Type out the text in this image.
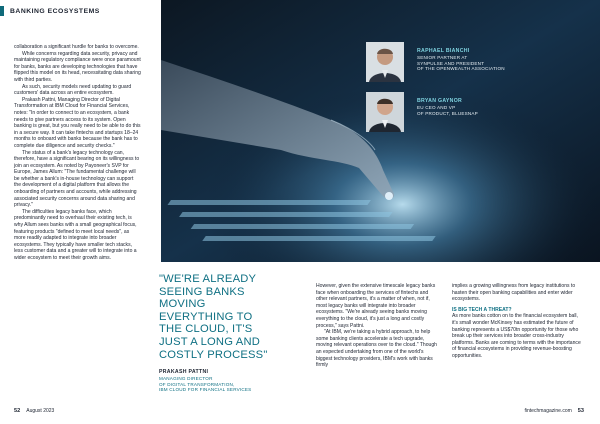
BANKING ECOSYSTEMS

collaboration a significant hurdle for banks to overcome.

While concerns regarding data security, privacy and maintaining regulatory compliance were once paramount for banks, banks are developing technologies that have flipped this model on its head, necessitating data sharing with third parties.

As such, security models need updating to guard customers' data across an entire ecosystem.

Prakash Pattni, Managing Director of Digital Transformation at IBM Cloud for Financial Services, notes: "In order to connect to an ecosystem, a bank needs to give partners access to its system. Open banking is great, but you really need to be able to do this in a secure way. It can take fintechs and startups 18–24 months to onboard with banks because the bank has to complete due diligence and security checks."

The status of a bank's legacy technology can, therefore, have a significant bearing on its willingness to join an ecosystem. As noted by Payoneer's SVP for Europe, James Allum: "The fundamental challenge will be whether a bank's in-house technology can support the development of a digital platform that allows the onboarding of partners and accounts, while addressing associated security concerns around data sharing and privacy."

The difficulties legacy banks face, which predominantly need to overhaul their existing tech, is why Allum sees banks with a small geographical focus, featuring products "defined to meet local needs", as more readily adapted to integrate into broader ecosystems. They typically have smaller tech stacks, less customer data and a greater will to integrate into a wider ecosystem to meet their growth aims.

RAPHAEL BIANCHI
SENIOR PARTNER AT
SYNPULSE AND PRESIDENT
OF THE OPENWEALTH ASSOCIATION
BRYAN GAYNOR
EU CEO AND VP
OF PRODUCT, BLUESNAP
"WE'RE ALREADY SEEING BANKS MOVING EVERYTHING TO THE CLOUD, IT'S JUST A LONG AND COSTLY PROCESS"
PRAKASH PATTNI
MANAGING DIRECTOR
OF DIGITAL TRANSFORMATION,
IBM CLOUD FOR FINANCIAL SERVICES

However, given the extensive timescale legacy banks face when onboarding the services of fintechs and other relevant partners, it's a matter of when, not if, most legacy banks will integrate into broader ecosystems. "We're already seeing banks moving everything to the cloud, it's just a long and costly process," says Pattni.

"At IBM, we're taking a hybrid approach, to help some banking clients accelerate a tech upgrade, moving relevant operations over to the cloud." Though an expected undertaking from one of the world's biggest technology providers, IBM's work with banks firmly

implies a growing willingness from legacy institutions to hasten their open banking capabilities and enter wider ecosystems.

IS BIG TECH A THREAT?

As more banks cotton on to the financial ecosystem ball, it's small wonder McKinsey has estimated the future of banking represents a US$70tn opportunity for those who break up their services into broader cross-industry platforms. Banks are coming to terms with the importance of financial ecosystems in providing revenue-boosting opportunities.

52 August 2023	fintechmagazine.com 53
